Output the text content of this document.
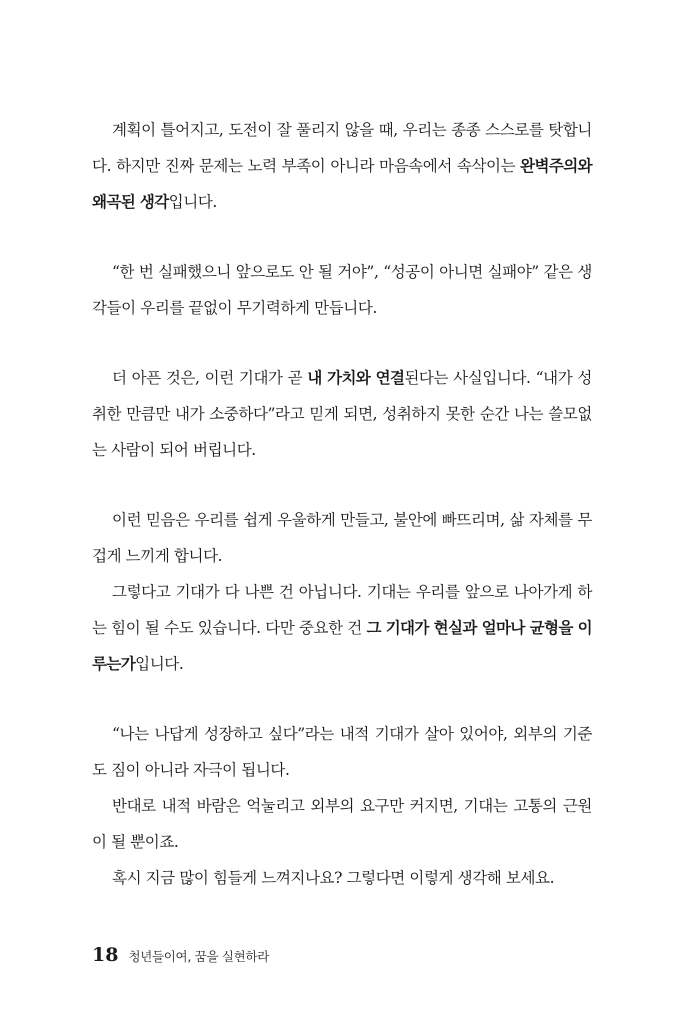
계획이 틀어지고, 도전이 잘 풀리지 않을 때, 우리는 종종 스스로를 탓합니다. 하지만 진짜 문제는 노력 부족이 아니라 마음속에서 속삭이는 완벽주의와 왜곡된 생각입니다.

“한 번 실패했으니 앞으로도 안 될 거야”, “성공이 아니면 실패야” 같은 생각들이 우리를 끝없이 무기력하게 만듭니다.

더 아픈 것은, 이런 기대가 곧 내 가치와 연결된다는 사실입니다. “내가 성취한 만큼만 내가 소중하다”라고 믿게 되면, 성취하지 못한 순간 나는 쓸모없는 사람이 되어 버립니다.

이런 믿음은 우리를 쉽게 우울하게 만들고, 불안에 빠뜨리며, 삶 자체를 무겁게 느끼게 합니다.

그렇다고 기대가 다 나쁜 건 아닙니다. 기대는 우리를 앞으로 나아가게 하는 힘이 될 수도 있습니다. 다만 중요한 건 그 기대가 현실과 얼마나 균형을 이루는가입니다.

“나는 나답게 성장하고 싶다”라는 내적 기대가 살아 있어야, 외부의 기준도 짐이 아니라 자극이 됩니다.

반대로 내적 바람은 억눌리고 외부의 요구만 커지면, 기대는 고통의 근원이 될 뿐이죠.

혹시 지금 많이 힘들게 느껴지나요? 그렇다면 이렇게 생각해 보세요.

18 청년들이여, 꿈을 실현하라
